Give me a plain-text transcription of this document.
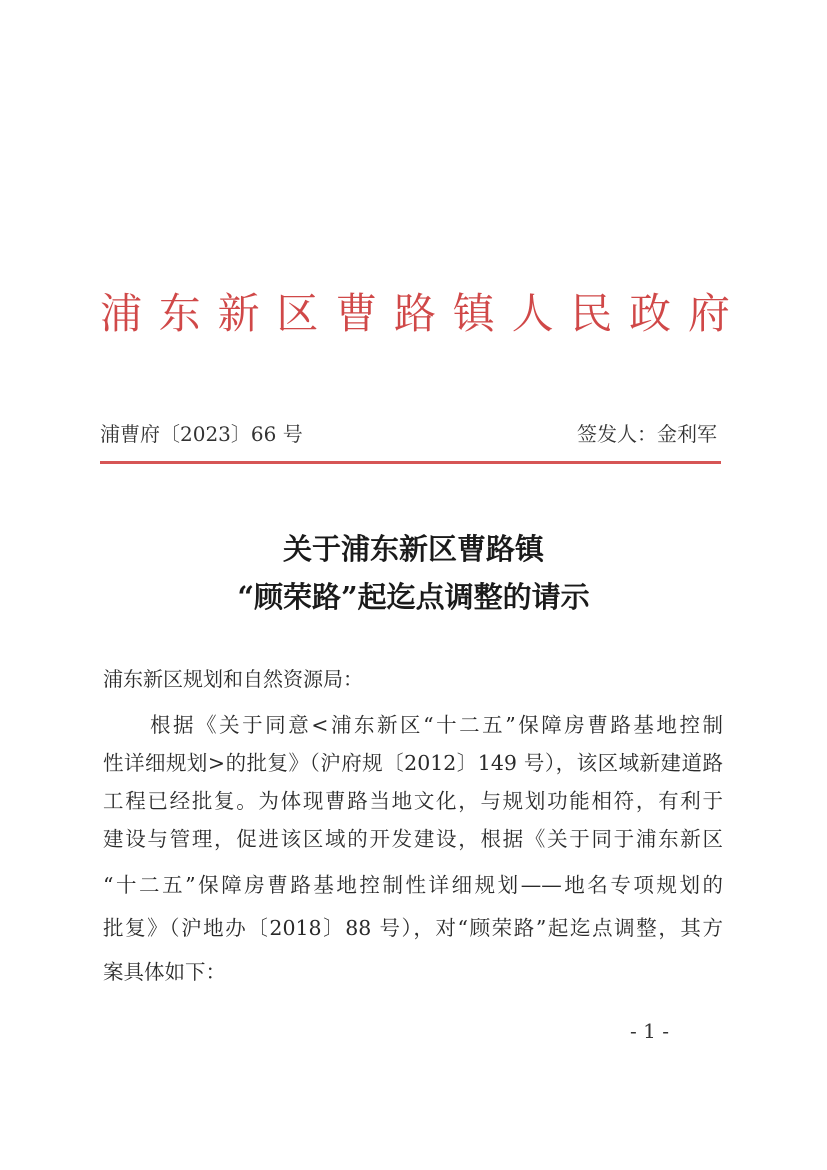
浦 东 新 区 曹 路 镇 人 民 政 府
浦曹府〔2023〕66 号	签发人：金利军
关于浦东新区曹路镇
“顾荣路”起迄点调整的请示
浦东新区规划和自然资源局：
根据《关于同意<浦东新区“十二五”保障房曹路基地控制
性详细规划>的批复》（沪府规〔2012〕149 号），该区域新建道路
工程已经批复。为体现曹路当地文化，与规划功能相符，有利于
建设与管理，促进该区域的开发建设，根据《关于同于浦东新区
“十二五”保障房曹路基地控制性详细规划——地名专项规划的
批复》（沪地办〔2018〕88 号），对“顾荣路”起迄点调整，其方
案具体如下：
- 1 -
